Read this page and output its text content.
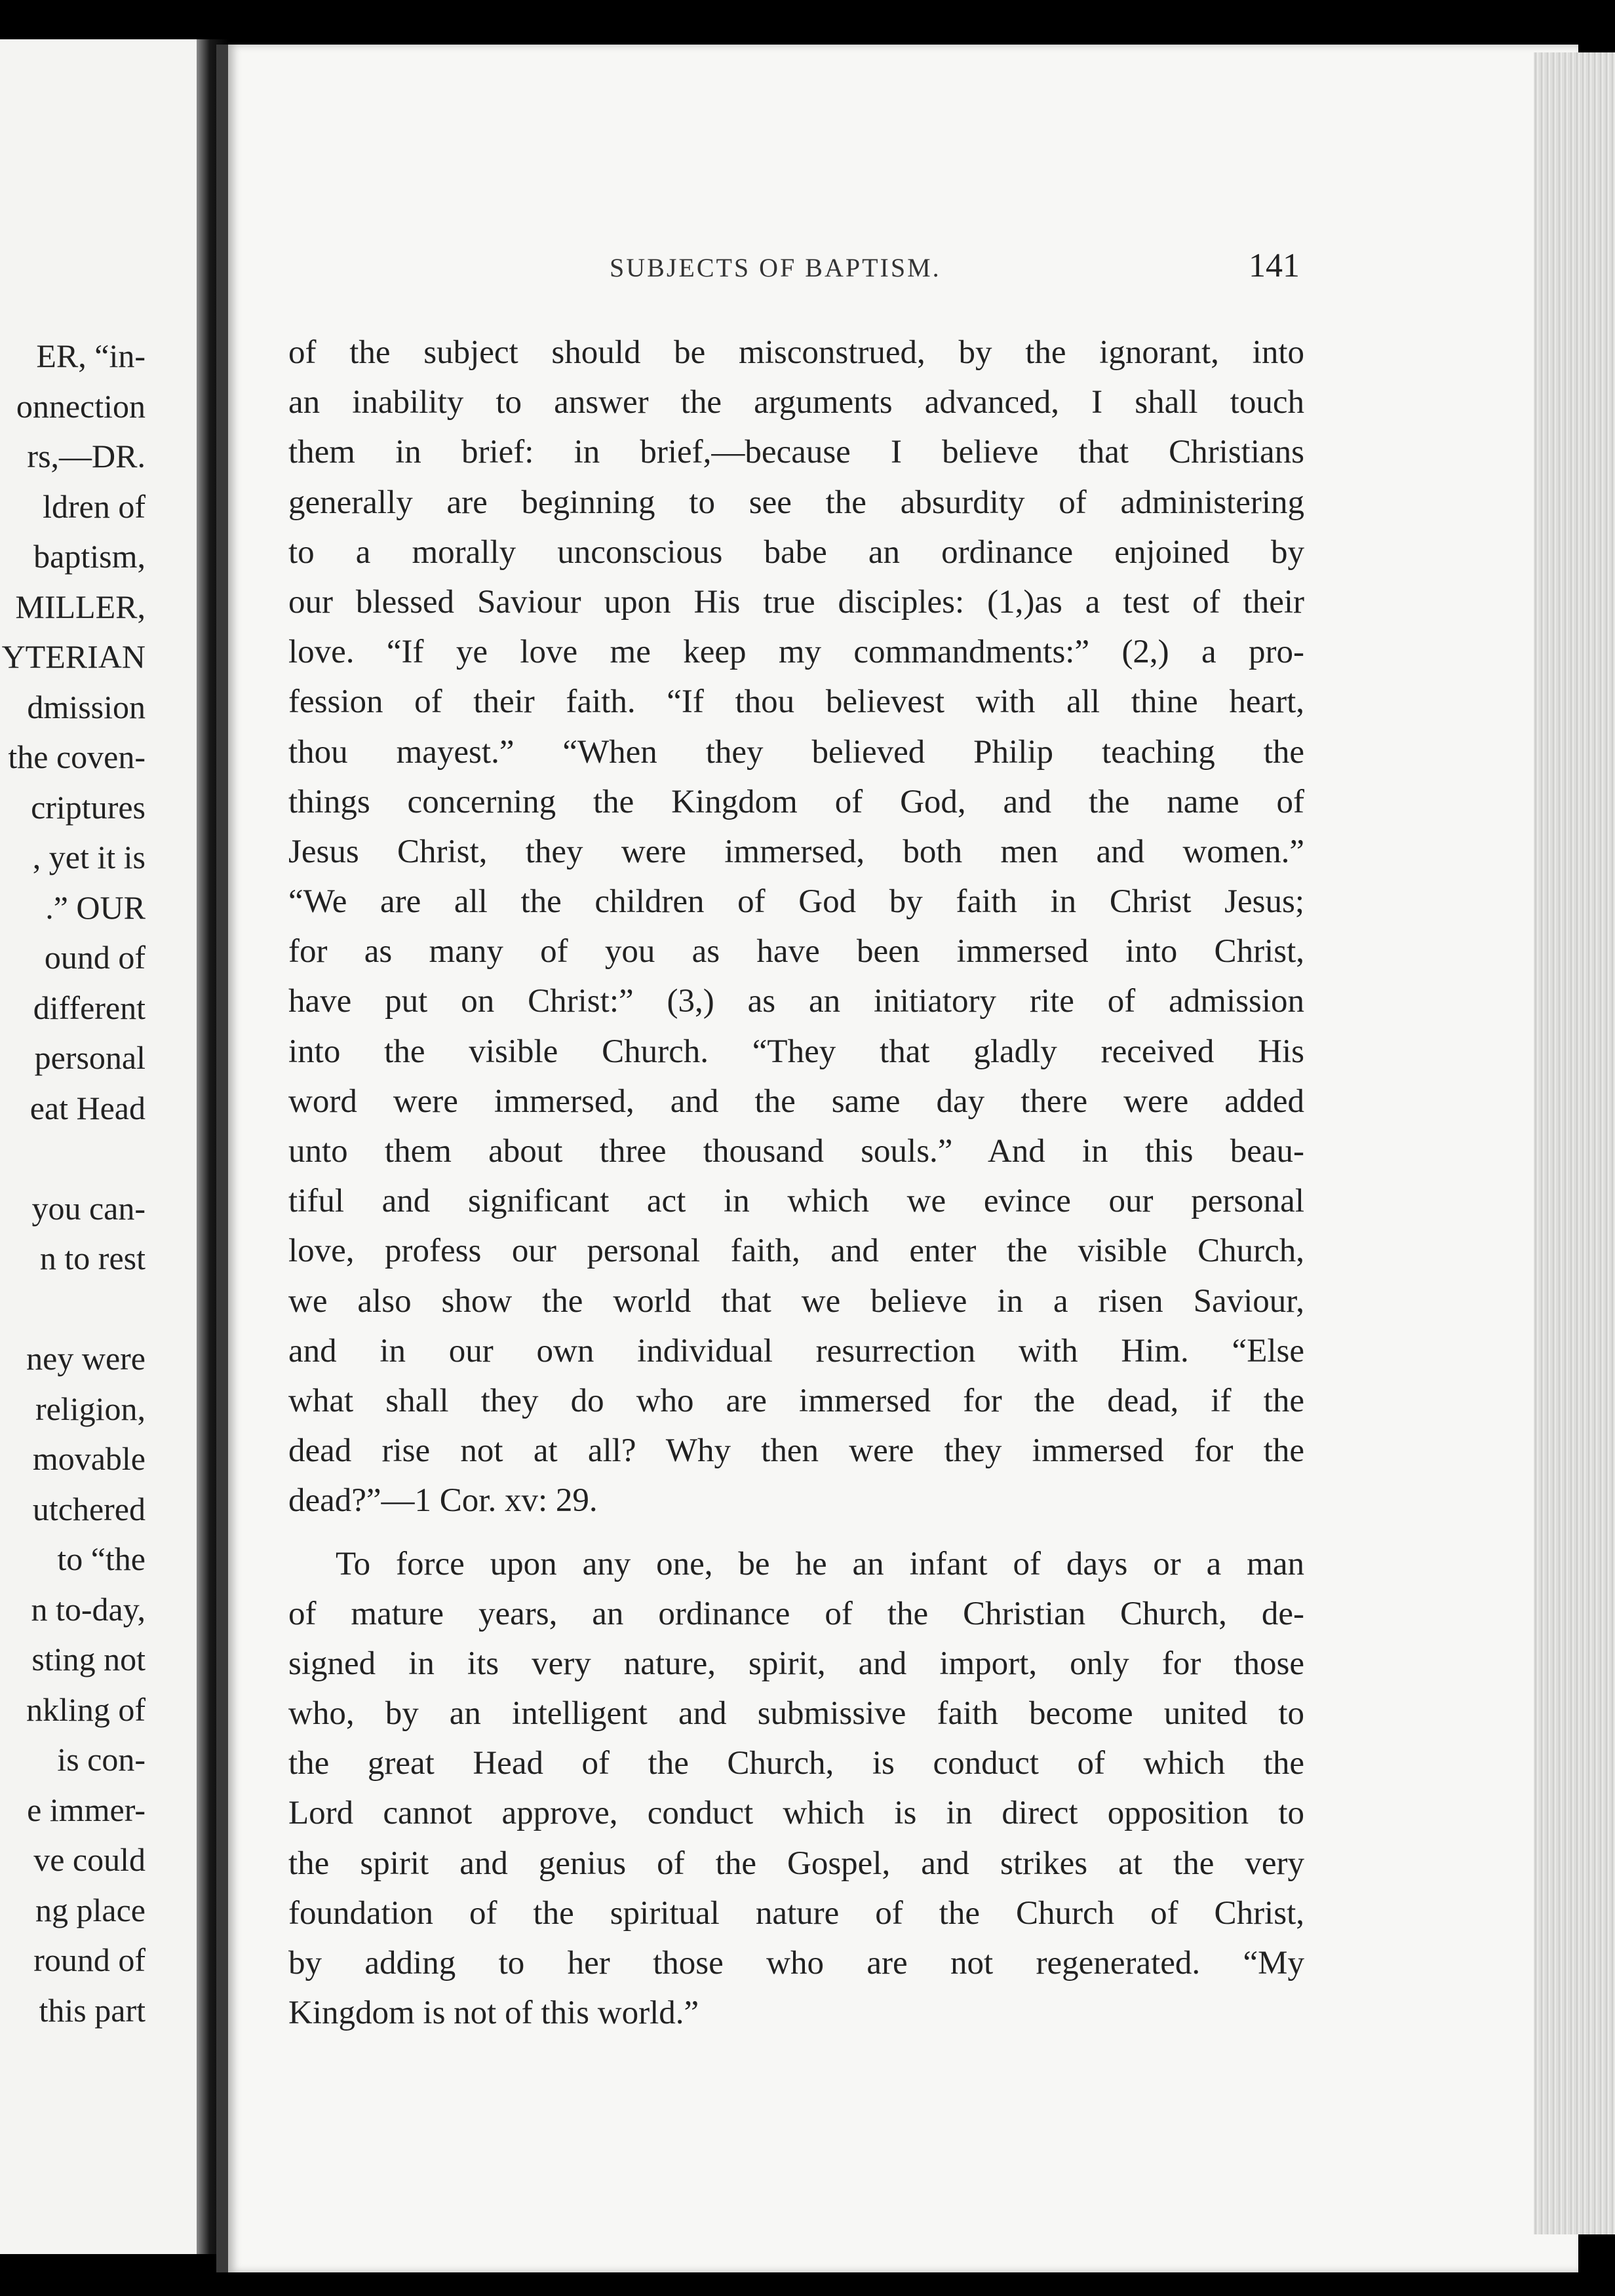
ER, “in-
onnection
rs,—DR.
ldren of
baptism,
MILLER,
YTERIAN
dmission
the coven-
criptures
, yet it is
.” OUR
ound of
different
personal
eat Head
you can-
n to rest
ney were
religion,
movable
utchered
to “the
n to-day,
sting not
nkling of
is con-
e immer-
ve could
ng place
round of
this part
SUBJECTS OF BAPTISM.	141
of the subject should be misconstrued, by the ignorant, into
an inability to answer the arguments advanced, I shall touch
them in brief: in brief,—because I believe that Christians
generally are beginning to see the absurdity of administering
to a morally unconscious babe an ordinance enjoined by
our blessed Saviour upon His true disciples: (1,)as a test of their
love. “If ye love me keep my commandments:” (2,) a pro-
fession of their faith. “If thou believest with all thine heart,
thou mayest.” “When they believed Philip teaching the
things concerning the Kingdom of God, and the name of
Jesus Christ, they were immersed, both men and women.”
“We are all the children of God by faith in Christ Jesus;
for as many of you as have been immersed into Christ,
have put on Christ:” (3,) as an initiatory rite of admission
into the visible Church. “They that gladly received His
word were immersed, and the same day there were added
unto them about three thousand souls.” And in this beau-
tiful and significant act in which we evince our personal
love, profess our personal faith, and enter the visible Church,
we also show the world that we believe in a risen Saviour,
and in our own individual resurrection with Him. “Else
what shall they do who are immersed for the dead, if the
dead rise not at all? Why then were they immersed for the
dead?”—1 Cor. xv: 29.
To force upon any one, be he an infant of days or a man
of mature years, an ordinance of the Christian Church, de-
signed in its very nature, spirit, and import, only for those
who, by an intelligent and submissive faith become united to
the great Head of the Church, is conduct of which the
Lord cannot approve, conduct which is in direct opposition to
the spirit and genius of the Gospel, and strikes at the very
foundation of the spiritual nature of the Church of Christ,
by adding to her those who are not regenerated. “My
Kingdom is not of this world.”
